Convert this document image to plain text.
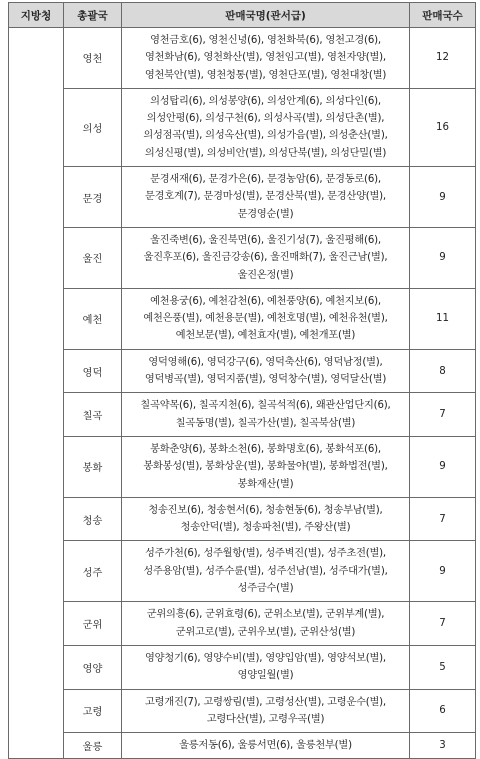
지방청	총괄국	판매국명(관서급)	판매국수
	영천	영천금호(6), 영천신녕(6), 영천화북(6), 영천고경(6),
영천화남(6), 영천화산(별), 영천임고(별), 영천자양(별),
영천북안(별), 영천청통(별), 영천단포(별), 영천대창(별)	12
	의성	의성탑리(6), 의성봉양(6), 의성안계(6), 의성다인(6),
의성안평(6), 의성구천(6), 의성사곡(별), 의성단촌(별),
의성점곡(별), 의성옥산(별), 의성가음(별), 의성춘산(별),
의성신평(별), 의성비안(별), 의성단북(별), 의성단밀(별)	16
	문경	문경새재(6), 문경가은(6), 문경농암(6), 문경동로(6),
문경호계(7), 문경마성(별), 문경산북(별), 문경산양(별),
문경영순(별)	9
	울진	울진죽변(6), 울진북면(6), 울진기성(7), 울진평해(6),
울진후포(6), 울진금강송(6), 울진매화(7), 울진근남(별),
울진온정(별)	9
	예천	예천용궁(6), 예천감천(6), 예천풍양(6), 예천지보(6),
예천은풍(별), 예천용문(별), 예천호명(별), 예천유천(별),
예천보문(별), 예천효자(별), 예천개포(별)	11
	영덕	영덕영해(6), 영덕강구(6), 영덕축산(6), 영덕남정(별),
영덕병곡(별), 영덕지품(별), 영덕창수(별), 영덕달산(별)	8
	칠곡	칠곡약목(6), 칠곡지천(6), 칠곡석적(6), 왜관산업단지(6),
칠곡동명(별), 칠곡가산(별), 칠곡북삼(별)	7
	봉화	봉화춘양(6), 봉화소천(6), 봉화명호(6), 봉화석포(6),
봉화봉성(별), 봉화상운(별), 봉화물야(별), 봉화법전(별),
봉화재산(별)	9
	청송	청송진보(6), 청송현서(6), 청송현동(6), 청송부남(별),
청송안덕(별), 청송파천(별), 주왕산(별)	7
	성주	성주가천(6), 성주월항(별), 성주벽진(별), 성주초전(별),
성주용암(별), 성주수륜(별), 성주선남(별), 성주대가(별),
성주금수(별)	9
	군위	군위의흥(6), 군위효령(6), 군위소보(별), 군위부계(별),
군위고로(별), 군위우보(별), 군위산성(별)	7
	영양	영양청기(6), 영양수비(별), 영양입암(별), 영양석보(별),
영양일월(별)	5
	고령	고령개진(7), 고령쌍림(별), 고령성산(별), 고령운수(별),
고령다산(별), 고령우곡(별)	6
	울릉	울릉저동(6), 울릉서면(6), 울릉천부(별)	3
